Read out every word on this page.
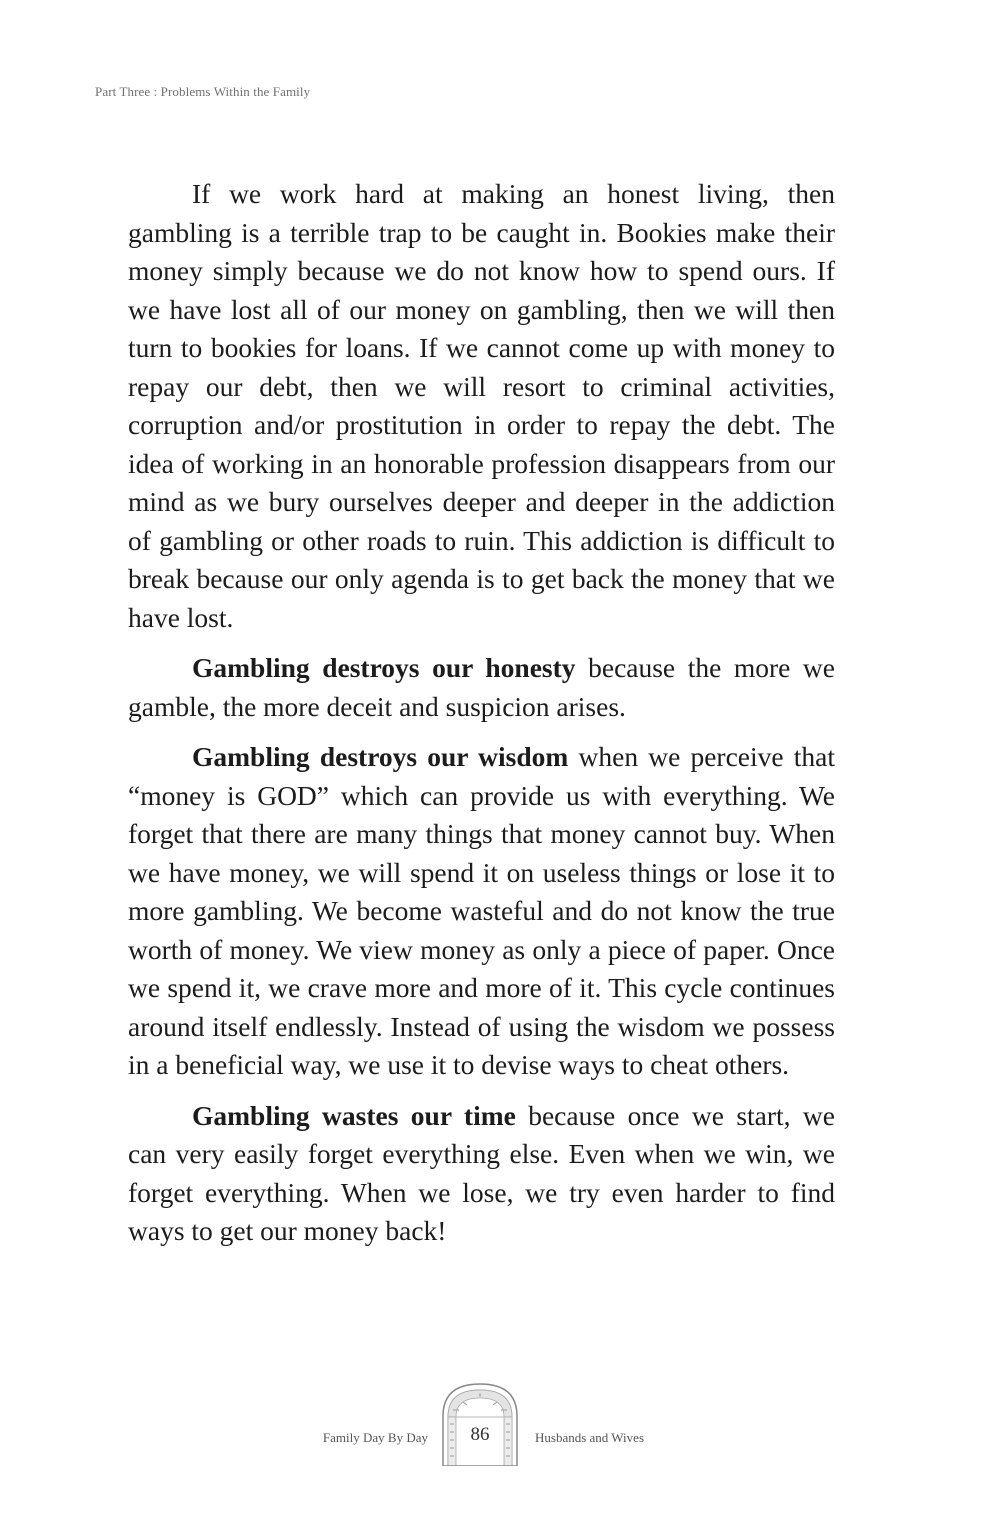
Part Three : Problems Within the Family

If we work hard at making an honest living, then gambling is a terrible trap to be caught in. Bookies make their money simply because we do not know how to spend ours. If we have lost all of our money on gambling, then we will then turn to bookies for loans. If we cannot come up with money to repay our debt, then we will resort to criminal activities, corruption and/or prostitution in order to repay the debt. The idea of working in an honorable profession disappears from our mind as we bury ourselves deeper and deeper in the addiction of gambling or other roads to ruin. This addiction is difficult to break because our only agenda is to get back the money that we have lost.

Gambling destroys our honesty because the more we gamble, the more deceit and suspicion arises.

Gambling destroys our wisdom when we perceive that “money is GOD” which can provide us with everything. We forget that there are many things that money cannot buy. When we have money, we will spend it on useless things or lose it to more gambling. We become wasteful and do not know the true worth of money. We view money as only a piece of paper. Once we spend it, we crave more and more of it. This cycle continues around itself endlessly. Instead of using the wisdom we possess in a beneficial way, we use it to devise ways to cheat others.

Gambling wastes our time because once we start, we can very easily forget everything else. Even when we win, we forget everything. When we lose, we try even harder to find ways to get our money back!

Family Day By Day	86	Husbands and Wives
